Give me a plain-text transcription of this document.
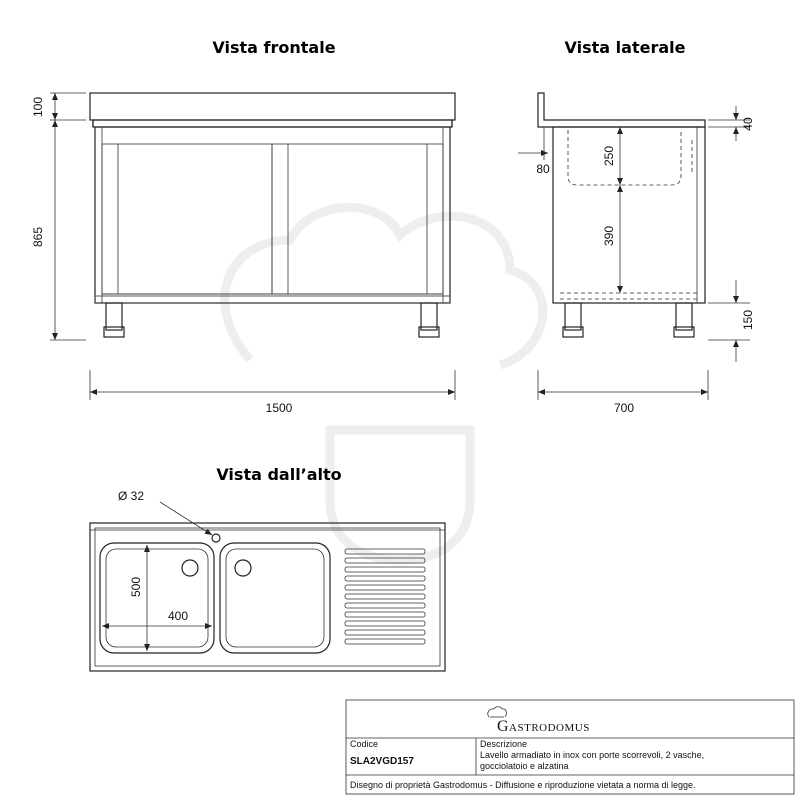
Vista frontale
100
865
1500
Vista laterale
250
390
80
40
150
700
Vista dall’alto
Ø 32
500
400
Gastrodomus
Codice
SLA2VGD157
Descrizione
Lavello armadiato in inox con porte scorrevoli, 2 vasche,
gocciolatoio e alzatina
Disegno di proprietà Gastrodomus - Diffusione e riproduzione vietata a norma di legge.
